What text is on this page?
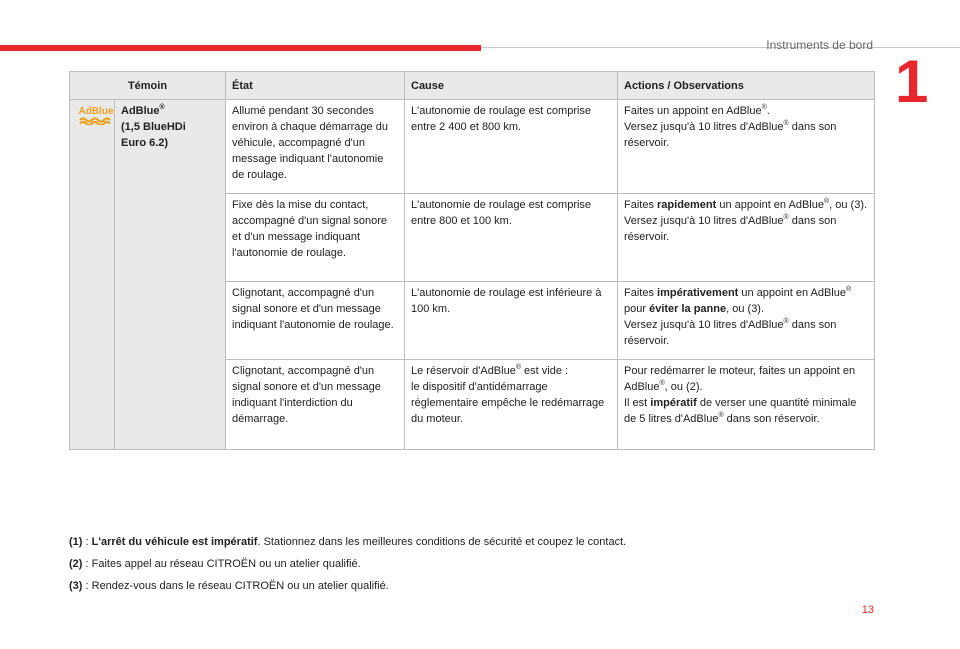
Instruments de bord
1
Témoin		État	Cause	Actions / Observations

AdBlue	AdBlue®
(1,5 BlueHDi
Euro 6.2)	Allumé pendant 30 secondes environ à chaque démarrage du véhicule, accompagné d'un message indiquant l'autonomie de roulage.	L'autonomie de roulage est comprise entre 2 400 et 800 km.	Faites un appoint en AdBlue®.
Versez jusqu'à 10 litres d'AdBlue® dans son réservoir.
		Fixe dès la mise du contact, accompagné d'un signal sonore et d'un message indiquant l'autonomie de roulage.	L'autonomie de roulage est comprise entre 800 et 100 km.	Faites rapidement un appoint en AdBlue®, ou (3).
Versez jusqu'à 10 litres d'AdBlue® dans son réservoir.
		Clignotant, accompagné d'un signal sonore et d'un message indiquant l'autonomie de roulage.	L'autonomie de roulage est inférieure à 100 km.	Faites impérativement un appoint en AdBlue® pour éviter la panne, ou (3).
Versez jusqu'à 10 litres d'AdBlue® dans son réservoir.
		Clignotant, accompagné d'un signal sonore et d'un message indiquant l'interdiction du démarrage.	Le réservoir d'AdBlue® est vide :
le dispositif d'antidémarrage réglementaire empêche le redémarrage du moteur.	Pour redémarrer le moteur, faites un appoint en AdBlue®, ou (2).
Il est impératif de verser une quantité minimale de 5 litres d'AdBlue® dans son réservoir.

(1) : L'arrêt du véhicule est impératif. Stationnez dans les meilleures conditions de sécurité et coupez le contact.

(2) : Faites appel au réseau CITROËN ou un atelier qualifié.

(3) : Rendez-vous dans le réseau CITROËN ou un atelier qualifié.

13
